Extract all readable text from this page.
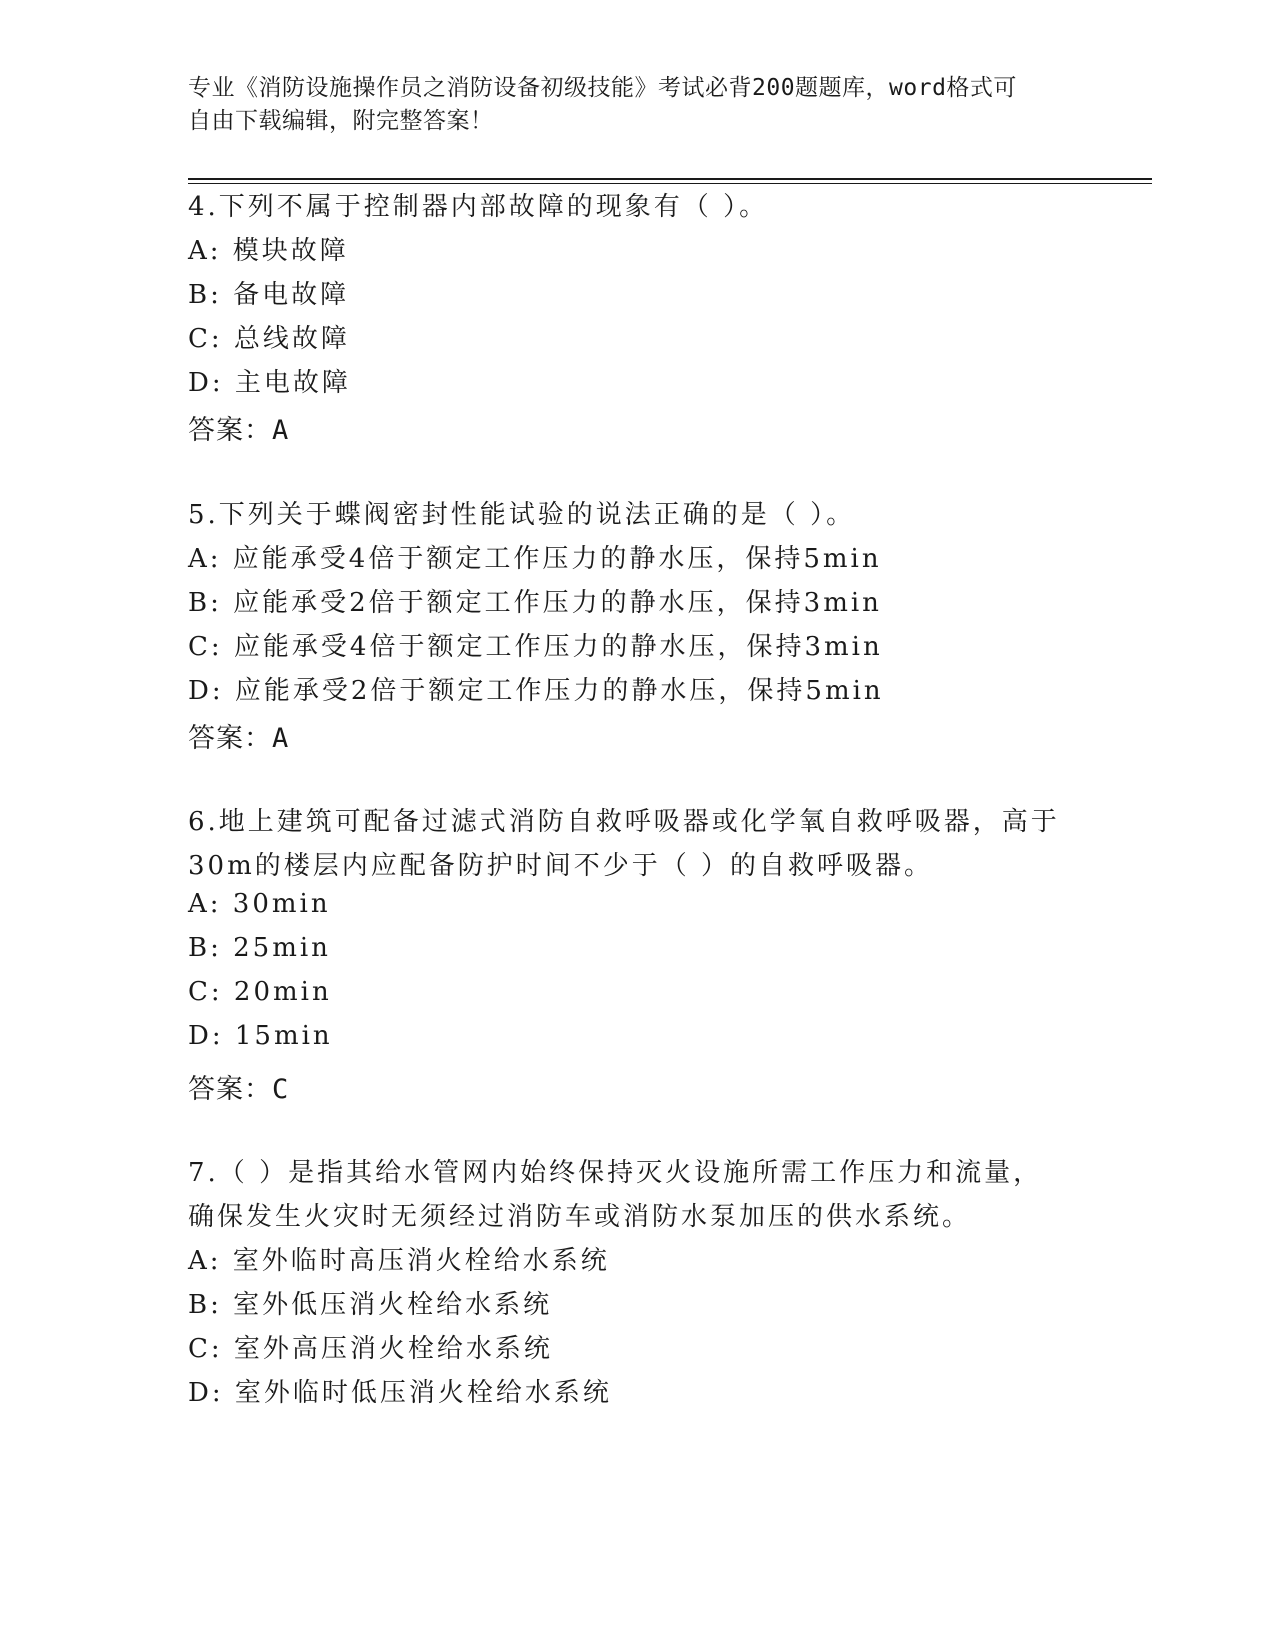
专业《消防设施操作员之消防设备初级技能》考试必背200题题库，word格式可
自由下载编辑，附完整答案！
4.下列不属于控制器内部故障的现象有（ ）。
A: 模块故障
B: 备电故障
C: 总线故障
D: 主电故障
答案：A
5.下列关于蝶阀密封性能试验的说法正确的是（ ）。
A: 应能承受4倍于额定工作压力的静水压，保持5min
B: 应能承受2倍于额定工作压力的静水压，保持3min
C: 应能承受4倍于额定工作压力的静水压，保持3min
D: 应能承受2倍于额定工作压力的静水压，保持5min
答案：A
6.地上建筑可配备过滤式消防自救呼吸器或化学氧自救呼吸器，高于
30m的楼层内应配备防护时间不少于（ ）的自救呼吸器。
A: 30min
B: 25min
C: 20min
D: 15min
答案：C
7.（ ）是指其给水管网内始终保持灭火设施所需工作压力和流量，
确保发生火灾时无须经过消防车或消防水泵加压的供水系统。
A: 室外临时高压消火栓给水系统
B: 室外低压消火栓给水系统
C: 室外高压消火栓给水系统
D: 室外临时低压消火栓给水系统
